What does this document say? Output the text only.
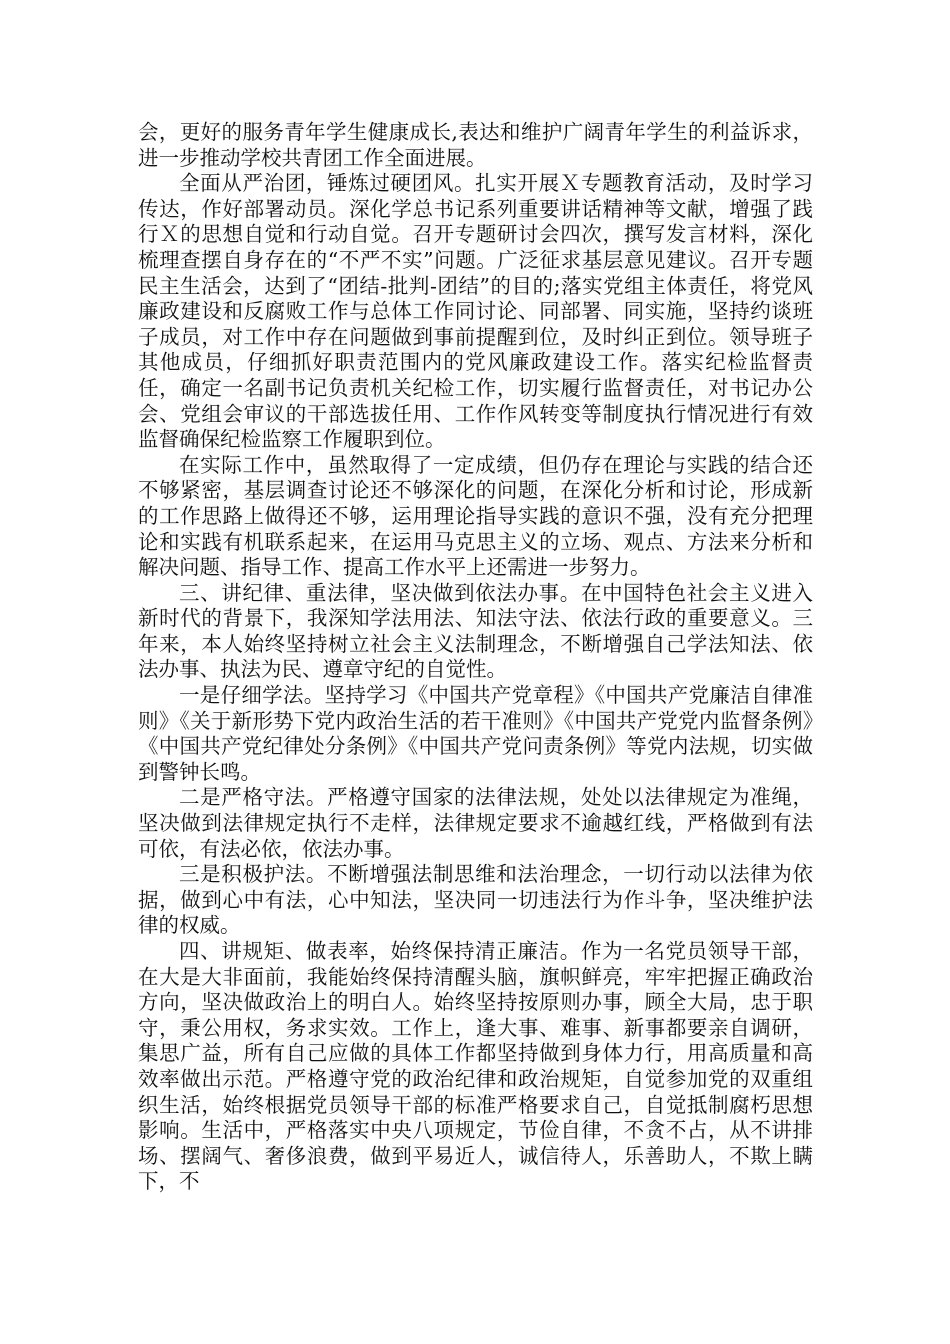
会，更好的服务青年学生健康成长,表达和维护广阔青年学生的利益诉求，进一步推动学校共青团工作全面进展。

全面从严治团，锤炼过硬团风。扎实开展Ｘ专题教育活动，及时学习传达，作好部署动员。深化学总书记系列重要讲话精神等文献，增强了践行Ｘ的思想自觉和行动自觉。召开专题研讨会四次，撰写发言材料，深化梳理查摆自身存在的“不严不实”问题。广泛征求基层意见建议。召开专题民主生活会，达到了“团结-批判-团结”的目的;落实党组主体责任，将党风廉政建设和反腐败工作与总体工作同讨论、同部署、同实施，坚持约谈班子成员，对工作中存在问题做到事前提醒到位，及时纠正到位。领导班子其他成员，仔细抓好职责范围内的党风廉政建设工作。落实纪检监督责任，确定一名副书记负责机关纪检工作，切实履行监督责任，对书记办公会、党组会审议的干部选拔任用、工作作风转变等制度执行情况进行有效监督确保纪检监察工作履职到位。

在实际工作中，虽然取得了一定成绩，但仍存在理论与实践的结合还不够紧密，基层调查讨论还不够深化的问题，在深化分析和讨论，形成新的工作思路上做得还不够，运用理论指导实践的意识不强，没有充分把理论和实践有机联系起来，在运用马克思主义的立场、观点、方法来分析和解决问题、指导工作、提高工作水平上还需进一步努力。

三、讲纪律、重法律，坚决做到依法办事。在中国特色社会主义进入新时代的背景下，我深知学法用法、知法守法、依法行政的重要意义。三年来，本人始终坚持树立社会主义法制理念，不断增强自己学法知法、依法办事、执法为民、遵章守纪的自觉性。

一是仔细学法。坚持学习《中国共产党章程》《中国共产党廉洁自律准则》《关于新形势下党内政治生活的若干准则》《中国共产党党内监督条例》《中国共产党纪律处分条例》《中国共产党问责条例》等党内法规，切实做到警钟长鸣。

二是严格守法。严格遵守国家的法律法规，处处以法律规定为准绳，坚决做到法律规定执行不走样，法律规定要求不逾越红线，严格做到有法可依，有法必依，依法办事。

三是积极护法。不断增强法制思维和法治理念，一切行动以法律为依据，做到心中有法，心中知法，坚决同一切违法行为作斗争，坚决维护法律的权威。

四、讲规矩、做表率，始终保持清正廉洁。作为一名党员领导干部，在大是大非面前，我能始终保持清醒头脑，旗帜鲜亮，牢牢把握正确政治方向，坚决做政治上的明白人。始终坚持按原则办事，顾全大局，忠于职守，秉公用权，务求实效。工作上，逢大事、难事、新事都要亲自调研，集思广益，所有自己应做的具体工作都坚持做到身体力行，用高质量和高效率做出示范。严格遵守党的政治纪律和政治规矩，自觉参加党的双重组织生活，始终根据党员领导干部的标准严格要求自己，自觉抵制腐朽思想影响。生活中，严格落实中央八项规定，节俭自律，不贪不占，从不讲排场、摆阔气、奢侈浪费，做到平易近人，诚信待人，乐善助人，不欺上瞒下，不
